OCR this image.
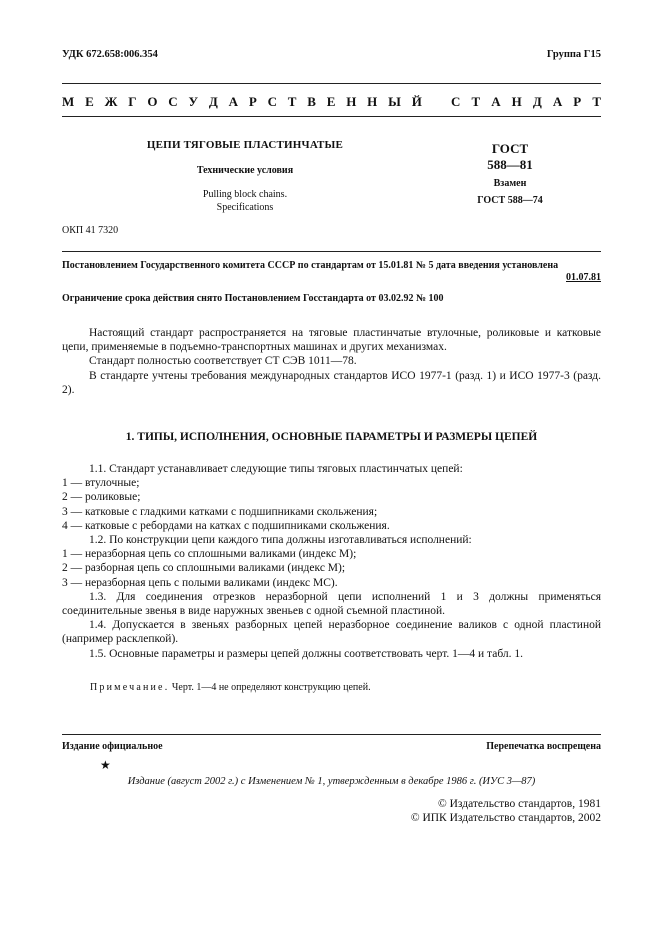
УДК 672.658:006.354	Группа Г15
М Е Ж Г О С У Д А Р С Т В Е Н Н Ы Й С Т А Н Д А Р Т
ЦЕПИ ТЯГОВЫЕ ПЛАСТИНЧАТЫЕ
Технические условия
Pulling block chains.
Specifications
ГОСТ
588—81
Взамен
ГОСТ 588—74
ОКП 41 7320
Постановлением Государственного комитета СССР по стандартам от 15.01.81 № 5 дата введения установлена
01.07.81
Ограничение срока действия снято Постановлением Госстандарта от 03.02.92 № 100

Настоящий стандарт распространяется на тяговые пластинчатые втулочные, роликовые и катковые цепи, применяемые в подъемно-транспортных машинах и других механизмах.

Стандарт полностью соответствует СТ СЭВ 1011—78.

В стандарте учтены требования международных стандартов ИСО 1977-1 (разд. 1) и ИСО 1977-3 (разд. 2).

1. ТИПЫ, ИСПОЛНЕНИЯ, ОСНОВНЫЕ ПАРАМЕТРЫ И РАЗМЕРЫ ЦЕПЕЙ

1.1. Стандарт устанавливает следующие типы тяговых пластинчатых цепей:

1 — втулочные;

2 — роликовые;

3 — катковые с гладкими катками с подшипниками скольжения;

4 — катковые с ребордами на катках с подшипниками скольжения.

1.2. По конструкции цепи каждого типа должны изготавливаться исполнений:

1 — неразборная цепь со сплошными валиками (индекс М);

2 — разборная цепь со сплошными валиками (индекс М);

3 — неразборная цепь с полыми валиками (индекс МС).

1.3. Для соединения отрезков неразборной цепи исполнений 1 и 3 должны применяться соединительные звенья в виде наружных звеньев с одной съемной пластиной.

1.4. Допускается в звеньях разборных цепей неразборное соединение валиков с одной пластиной (например расклепкой).

1.5. Основные параметры и размеры цепей должны соответствовать черт. 1—4 и табл. 1.

Примечание. Черт. 1—4 не определяют конструкцию цепей.
Издание официальное	Перепечатка воспрещена
★
Издание (август 2002 г.) с Изменением № 1, утвержденным в декабре 1986 г. (ИУС 3—87)
© Издательство стандартов, 1981
© ИПК Издательство стандартов, 2002
